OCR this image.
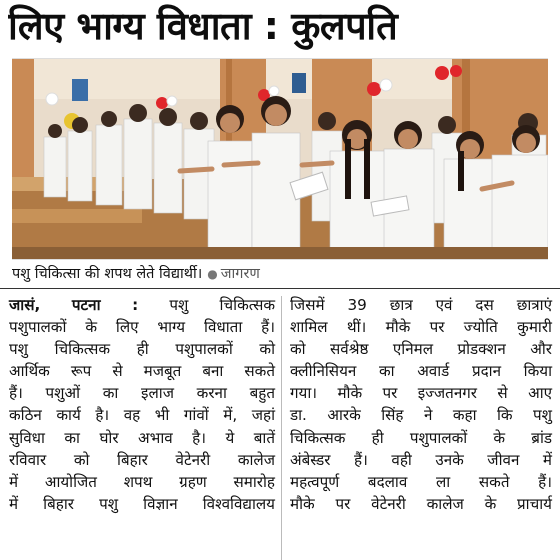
लिए भाग्य विधाता : कुलपति
पशु चिकित्सा की शपथ लेते विद्यार्थी। ● जागरण
जासं, पटना : पशु चिकित्सक
पशुपालकों के लिए भाग्य विधाता हैं।
पशु चिकित्सक ही पशुपालकों को
आर्थिक रूप से मजबूत बना सकते
हैं। पशुओं का इलाज करना बहुत
कठिन कार्य है। वह भी गांवों में, जहां
सुविधा का घोर अभाव है। ये बातें
रविवार को बिहार वेटेनरी कालेज
में आयोजित शपथ ग्रहण समारोह
में बिहार पशु विज्ञान विश्वविद्यालय
जिसमें 39 छात्र एवं दस छात्राएं
शामिल थीं। मौके पर ज्योति कुमारी
को सर्वश्रेष्ठ एनिमल प्रोडक्शन और
क्लीनिसियन का अवार्ड प्रदान किया
गया। मौके पर इज्जतनगर से आए
डा. आरके सिंह ने कहा कि पशु
चिकित्सक ही पशुपालकों के ब्रांड
अंबेस्डर हैं। वही उनके जीवन में
महत्वपूर्ण बदलाव ला सकते हैं।
मौके पर वेटेनरी कालेज के प्राचार्य
